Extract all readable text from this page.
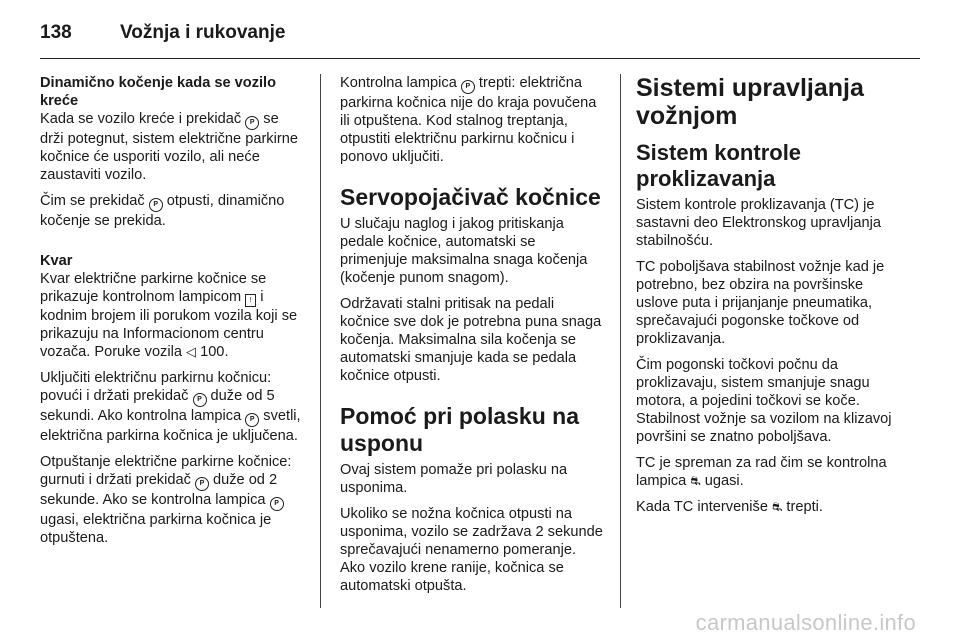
138	Vožnja i rukovanje

Dinamično kočenje kada se vozilo kreće

Kada se vozilo kreće i prekidač P se drži potegnut, sistem električne parkirne kočnice će usporiti vozilo, ali neće zaustaviti vozilo.

Čim se prekidač P otpusti, dinamično kočenje se prekida.

Kvar

Kvar električne parkirne kočnice se prikazuje kontrolnom lampicom ! i kodnim brojem ili porukom vozila koji se prikazuju na Informacionom centru vozača. Poruke vozila ◁ 100.

Uključiti električnu parkirnu kočnicu: povući i držati prekidač P duže od 5 sekundi. Ako kontrolna lampica P svetli, električna parkirna kočnica je uključena.

Otpuštanje električne parkirne kočnice: gurnuti i držati prekidač P duže od 2 sekunde. Ako se kontrolna lampica P ugasi, električna parkirna kočnica je otpuštena.

Kontrolna lampica P trepti: električna parkirna kočnica nije do kraja povučena ili otpuštena. Kod stalnog treptanja, otpustiti električnu parkirnu kočnicu i ponovo uključiti.

Servopojačivač kočnice

U slučaju naglog i jakog pritiskanja pedale kočnice, automatski se primenjuje maksimalna snaga kočenja (kočenje punom snagom).

Održavati stalni pritisak na pedali kočnice sve dok je potrebna puna snaga kočenja. Maksimalna sila kočenja se automatski smanjuje kada se pedala kočnice otpusti.

Pomoć pri polasku na usponu

Ovaj sistem pomaže pri polasku na usponima.

Ukoliko se nožna kočnica otpusti na usponima, vozilo se zadržava 2 sekunde sprečavajući nenamerno pomeranje. Ako vozilo krene ranije, kočnica se automatski otpušta.

Sistemi upravljanja vožnjom
Sistem kontrole proklizavanja

Sistem kontrole proklizavanja (TC) je sastavni deo Elektronskog upravljanja stabilnošću.

TC poboljšava stabilnost vožnje kad je potrebno, bez obzira na površinske uslove puta i prijanjanje pneumatika, sprečavajući pogonske točkove od proklizavanja.

Čim pogonski točkovi počnu da proklizavaju, sistem smanjuje snagu motora, a pojedini točkovi se koče. Stabilnost vožnje sa vozilom na klizavoj površini se znatno poboljšava.

TC je spreman za rad čim se kontrolna lampica ⛐ ugasi.

Kada TC interveniše ⛐ trepti.

carmanualsonline.info
